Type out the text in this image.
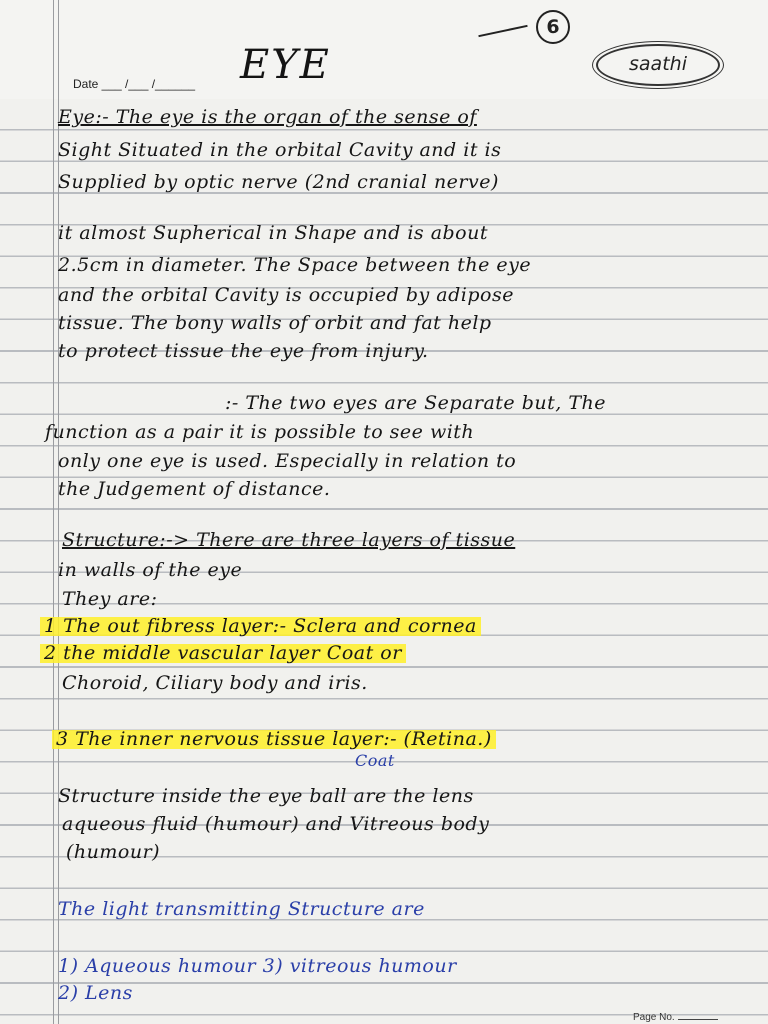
6
saathi
Date ___ /___ /______ EYE
Eye:- The eye is the organ of the sense of
Sight Situated in the orbital Cavity and it is
Supplied by optic nerve (2nd cranial nerve)
it almost Supherical in Shape and is about
2.5cm in diameter. The Space between the eye
and the orbital Cavity is occupied by adipose
tissue. The bony walls of orbit and fat help
to protect tissue the eye from injury.
:- The two eyes are Separate but, The
function as a pair it is possible to see with
only one eye is used. Especially in relation to
the Judgement of distance.
Structure:-> There are three layers of tissue
in walls of the eye
They are:
1 The out fibress layer:- Sclera and cornea
2 the middle vascular layer Coat or
Choroid, Ciliary body and iris.
3 The inner nervous tissue layer:- (Retina.)
Coat
Structure inside the eye ball are the lens
aqueous fluid (humour) and Vitreous body
(humour)
The light transmitting Structure are
1) Aqueous humour 3) vitreous humour
2) Lens
Page No.
